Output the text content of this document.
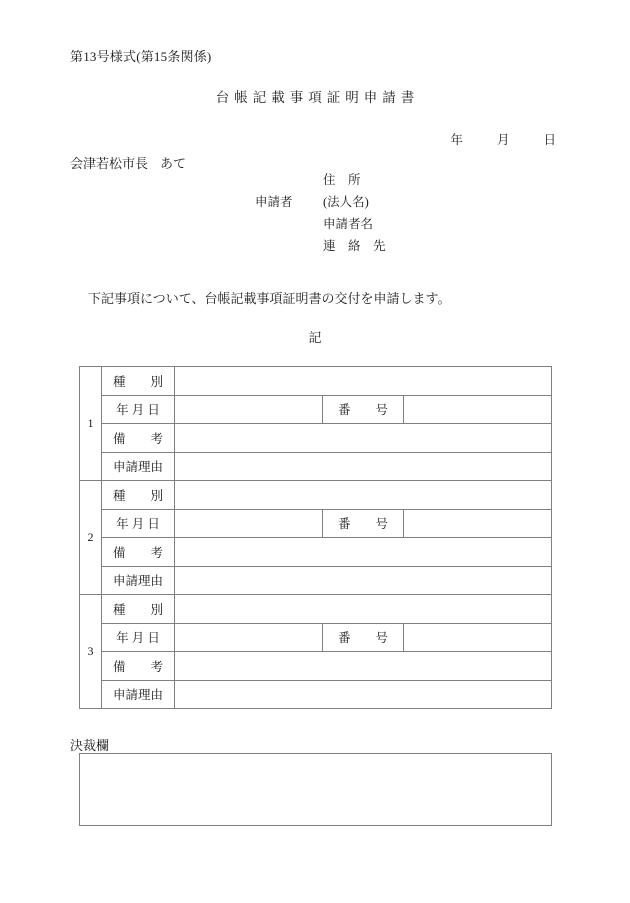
第13号様式(第15条関係)
台帳記載事項証明申請書
年	月	日
会津若松市長 あて
住　所
申請者	(法人名)
申請者名
連　絡　先
下記事項について、台帳記載事項証明書の交付を申請します。
記
1	種　　別			
	年 月 日		番　　号	
	備　　考			
	申請理由			
2	種　　別			
	年 月 日		番　　号	
	備　　考			
	申請理由			
3	種　　別			
	年 月 日		番　　号	
	備　　考			
	申請理由			
決裁欄
